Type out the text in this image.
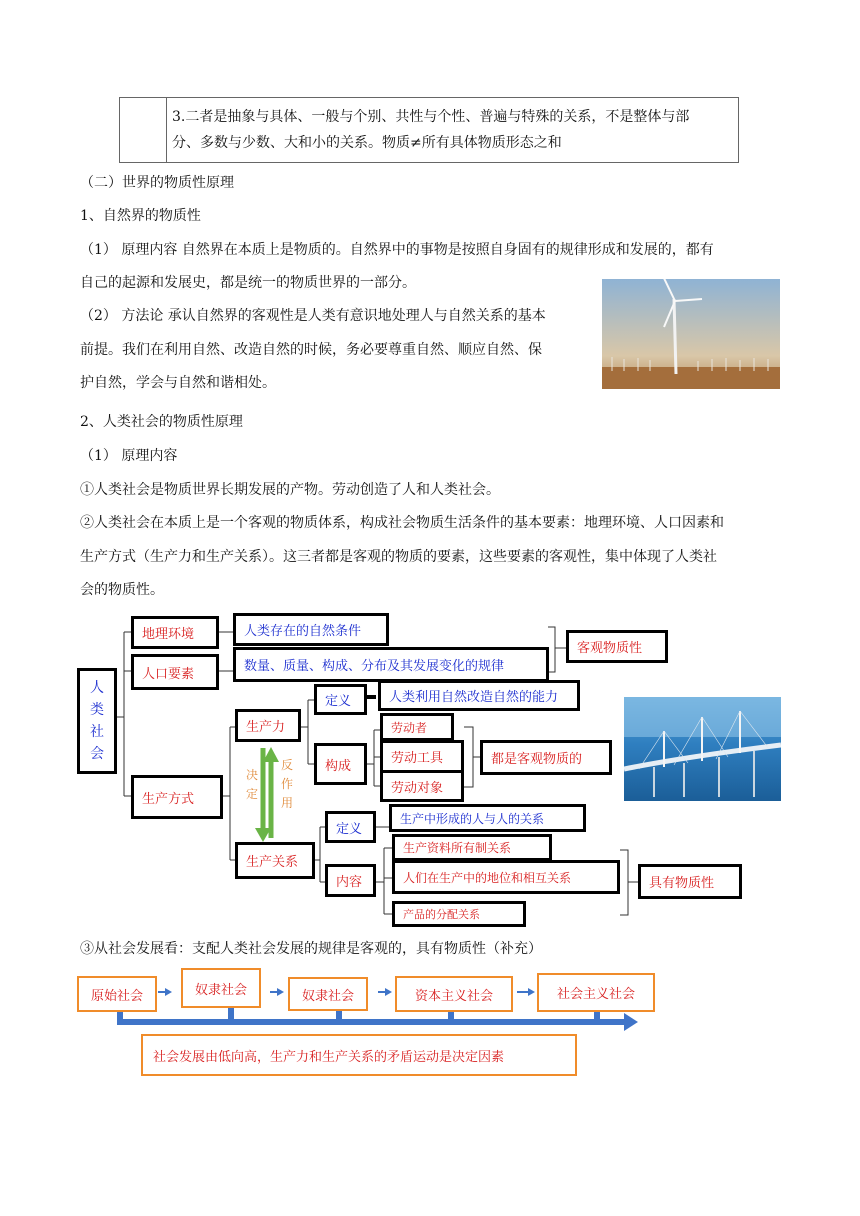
3.二者是抽象与具体、一般与个别、共性与个性、普遍与特殊的关系，不是整体与部
分、多数与少数、大和小的关系。物质≠所有具体物质形态之和
（二）世界的物质性原理
1、自然界的物质性
（1） 原理内容 自然界在本质上是物质的。自然界中的事物是按照自身固有的规律形成和发展的，都有
自己的起源和发展史，都是统一的物质世界的一部分。
（2） 方法论 承认自然界的客观性是人类有意识地处理人与自然关系的基本
前提。我们在利用自然、改造自然的时候，务必要尊重自然、顺应自然、保
护自然，学会与自然和谐相处。
2、人类社会的物质性原理
（1） 原理内容
①人类社会是物质世界长期发展的产物。劳动创造了人和人类社会。
②人类社会在本质上是一个客观的物质体系，构成社会物质生活条件的基本要素：地理环境、人口因素和
生产方式（生产力和生产关系）。这三者都是客观的物质的要素，这些要素的客观性，集中体现了人类社
会的物质性。
人类社会
地理环境	人类存在的自然条件
人口要素	数量、质量、构成、分布及其发展变化的规律
客观物质性
生产方式
生产力
定义	人类利用自然改造自然的能力
构成
劳动者
劳动工具
劳动对象
都是客观物质的
决定
反作用
生产关系
定义
生产中形成的人与人的关系
内容
生产资料所有制关系
人们在生产中的地位和相互关系
产品的分配关系
具有物质性
③从社会发展看：支配人类社会发展的规律是客观的，具有物质性（补充）
原始社会	奴隶社会	奴隶社会	资本主义社会	社会主义社会
社会发展由低向高，生产力和生产关系的矛盾运动是决定因素
